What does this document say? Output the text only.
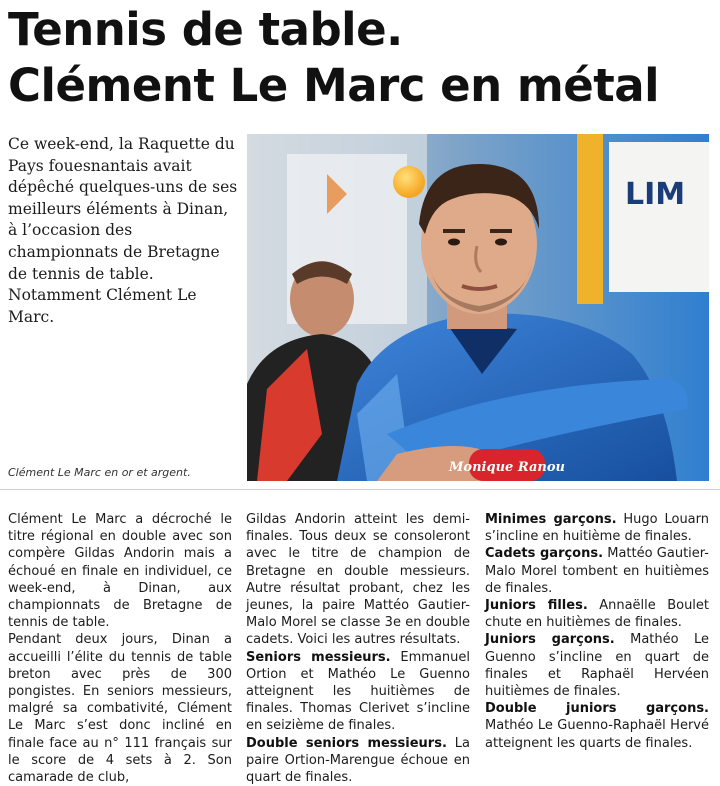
Tennis de table.
Clément Le Marc en métal
Ce week-end, la Raquette du Pays fouesnantais avait dépêché quelques-uns de ses meilleurs éléments à Dinan, à l’occasion des championnats de Bretagne de tennis de table. Notamment Clément Le Marc.
Clément Le Marc en or et argent.
LIM
Monique Ranou

Clément Le Marc a décroché le titre régional en double avec son compère Gildas Andorin mais a échoué en finale en individuel, ce week-end, à Dinan, aux championnats de Bretagne de tennis de table.

Pendant deux jours, Dinan a accueilli l’élite du tennis de table breton avec près de 300 pongistes. En seniors messieurs, malgré sa combativité, Clément Le Marc s’est donc incliné en finale face au n° 111 français sur le score de 4 sets à 2. Son camarade de club,

Gildas Andorin atteint les demi-finales. Tous deux se consoleront avec le titre de champion de Bretagne en double messieurs. Autre résultat probant, chez les jeunes, la paire Mattéo Gautier-Malo Morel se classe 3e en double cadets. Voici les autres résultats.

Seniors messieurs. Emmanuel Ortion et Mathéo Le Guenno atteignent les huitièmes de finales. Thomas Clerivet s’incline en seizième de finales.

Double seniors messieurs. La paire Ortion-Marengue échoue en quart de finales.

Minimes garçons. Hugo Louarn s’incline en huitième de finales.

Cadets garçons. Mattéo Gautier-Malo Morel tombent en huitièmes de finales.

Juniors filles. Annaëlle Boulet chute en huitièmes de finales.

Juniors garçons. Mathéo Le Guenno s’incline en quart de finales et Raphaël Hervéen huitièmes de finales.

Double juniors garçons. Mathéo Le Guenno-Raphaël Hervé atteignent les quarts de finales.
